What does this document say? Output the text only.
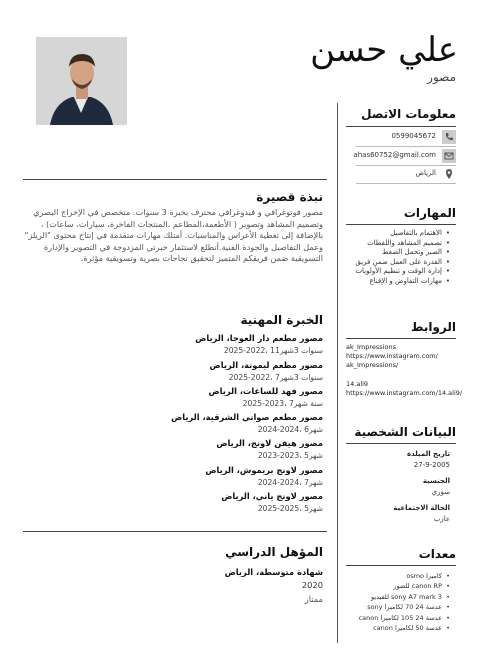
علي حسن
مصور
معلومات الاتصل
0599045672
ahas60752@gmail.com
الرياض
المهارات
• الاهتمام بالتفاصيل
• تصميم المشاهد واللقطات
• الصبر وتحمل الضغط
• القدرة على العمل ضمن فريق
• إدارة الوقت و تنظيم الأولويات
• مهارات التفاوض و الإقناع
الروابط
ak_Impressions
https://www.instagram.com/
ak_Impressions/
14.ali9
https://www.instagram.com/14.ali9/
البيانات الشخصية
تاريخ المبلدة
27-9-2005
الجنسية
سوري
الحالة الاجتماعية
عازب
معدات
• كاميرا osmo
• canon RP للصور
• sony A7 mark 3 للفيديو
• عدسة 24 70 لكاميرا sony
• عدسة 24 105 لكاميرا canon
• عدسة 50 لكاميرا canon
نبذة قصيرة
مصور فوتوغرافي و فيدوغرافي محترف بخبرة 3 سنوات. متخصص في الإخراج البصري وتصميم المشاهد وتصوير ( الأطعمة،المطاعم ،المنتجات الفاخرة، سيارات، ساعات) ، بالإضافة إلى تغطية الأعراس والمناسبات. أمتلك مهارات متقدمة في إنتاج محتوى "الريلز" وعمل التفاصيل والجودة الفنية.أتطلع لاستثمار خبرتي المزدوجة في التصوير والإدارة التسويقية ضمن فريقكم المتميز لتحقيق نجاحات بصرية وتسويقية مؤثرة.
الخبرة المهنية
مصور مطعم دار العوجا، الرياض
سنوات 3شهر11 ،2022-2025
مصور مطعم ليمونة، الرياض
سنوات 3شهر7 ،2022-2025
مصور فهد للساعات، الرياض
سنة شهر7 ،2023-2025
مصور مطعم صواني الشرقية، الرياض
شهر6 ،2024-2024
مصور هيفن لاونج، الرياض
شهر5 ،2023-2023
مصور لاونج بريموش، الرياض
شهر7 ،2024-2024
مصور لاونج ياني، الرياض
شهر5 ،2025-2025
المؤهل الدراسي
شهادة متوسطة، الرياض
2020
ممتاز
